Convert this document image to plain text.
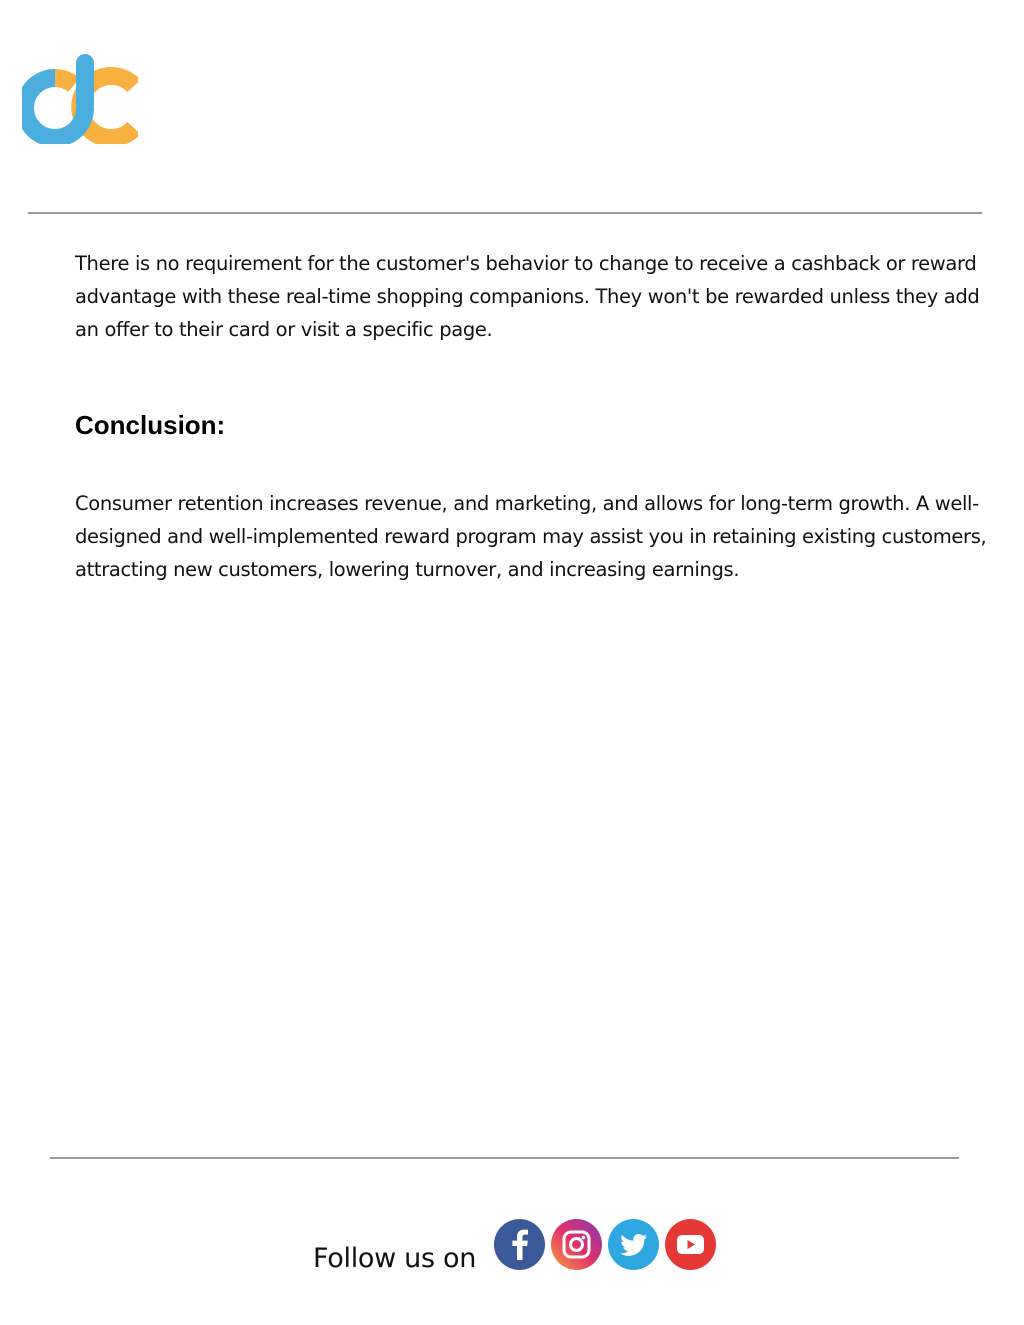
There is no requirement for the customer's behavior to change to receive a cashback or reward advantage with these real-time shopping companions. They won't be rewarded unless they add an offer to their card or visit a specific page.

Conclusion:

Consumer retention increases revenue, and marketing, and allows for long-term growth. A well-designed and well-implemented reward program may assist you in retaining existing customers, attracting new customers, lowering turnover, and increasing earnings.

Follow us on
